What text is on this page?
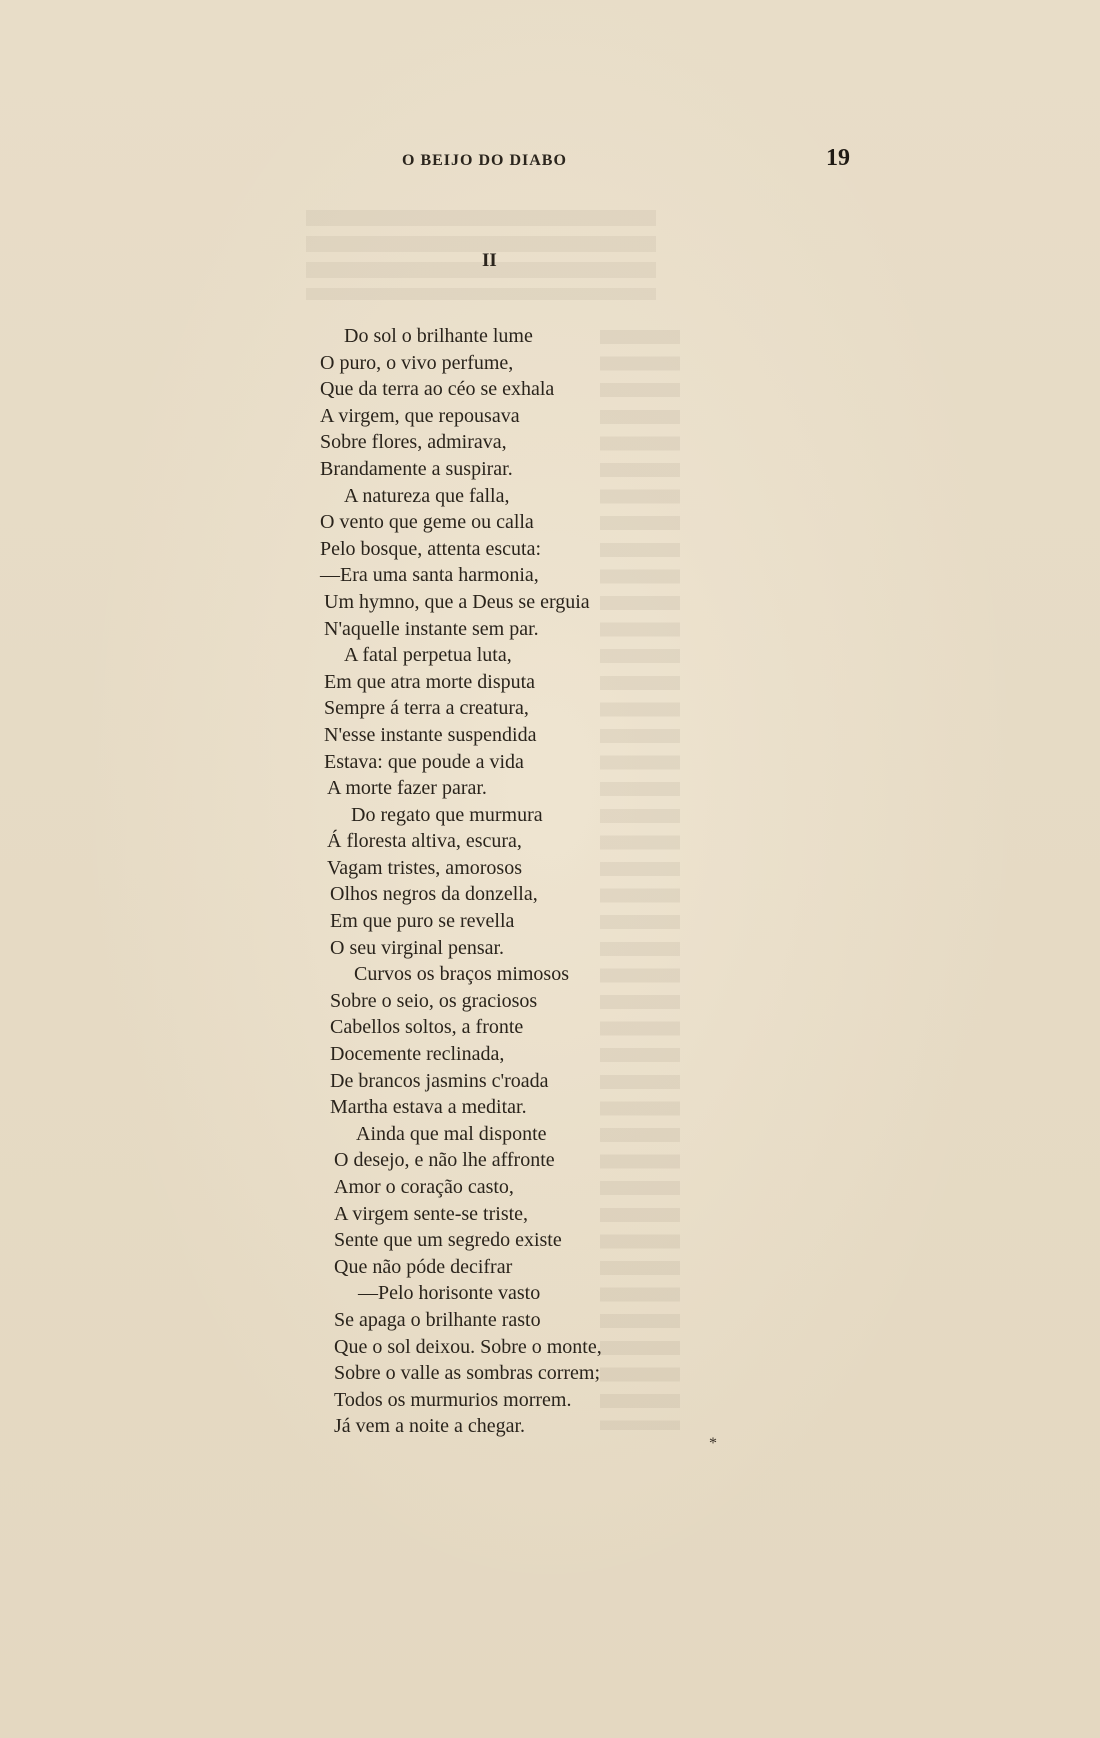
O BEIJO DO DIABO	19
II
Do sol o brilhante lume
O puro, o vivo perfume,
Que da terra ao céo se exhala
A virgem, que repousava
Sobre flores, admirava,
Brandamente a suspirar.
A natureza que falla,
O vento que geme ou calla
Pelo bosque, attenta escuta:
—Era uma santa harmonia,
Um hymno, que a Deus se erguia
N'aquelle instante sem par.
A fatal perpetua luta,
Em que atra morte disputa
Sempre á terra a creatura,
N'esse instante suspendida
Estava: que poude a vida
A morte fazer parar.
Do regato que murmura
Á floresta altiva, escura,
Vagam tristes, amorosos
Olhos negros da donzella,
Em que puro se revella
O seu virginal pensar.
Curvos os braços mimosos
Sobre o seio, os graciosos
Cabellos soltos, a fronte
Docemente reclinada,
De brancos jasmins c'roada
Martha estava a meditar.
Ainda que mal disponte
O desejo, e não lhe affronte
Amor o coração casto,
A virgem sente-se triste,
Sente que um segredo existe
Que não póde decifrar
—Pelo horisonte vasto
Se apaga o brilhante rasto
Que o sol deixou. Sobre o monte,
Sobre o valle as sombras correm;
Todos os murmurios morrem.
Já vem a noite a chegar.
*
